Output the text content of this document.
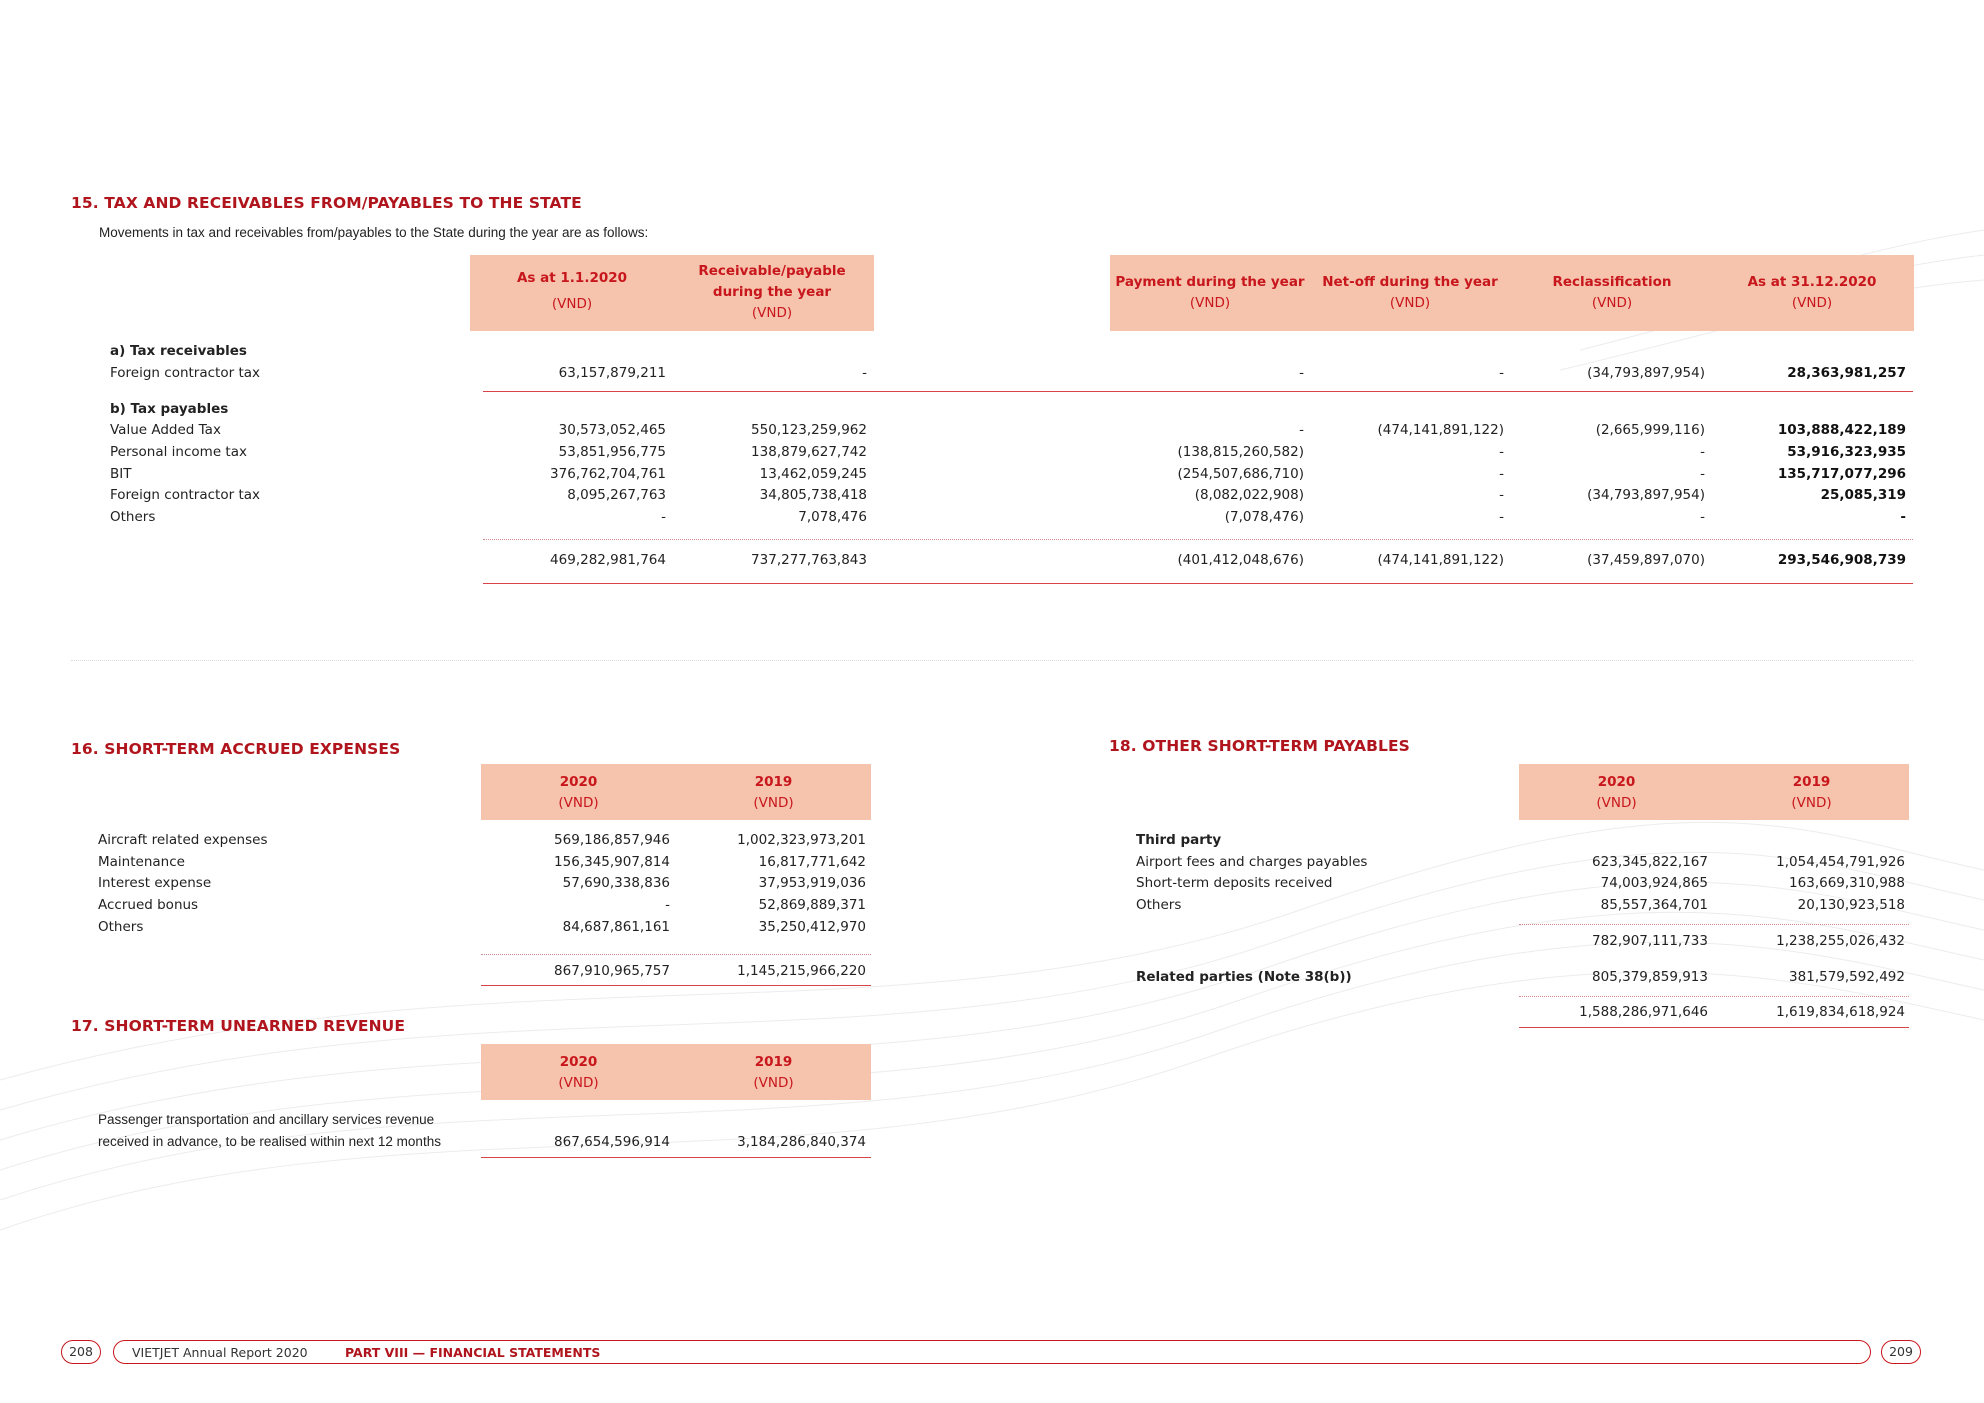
15. TAX AND RECEIVABLES FROM/PAYABLES TO THE STATE
Movements in tax and receivables from/payables to the State during the year are as follows:
As at 1.1.2020
(VND)
Receivable/payable during the year
(VND)
Payment during the year
(VND)
Net-off during the year
(VND)
Reclassification
(VND)
As at 31.12.2020
(VND)
a) Tax receivables
Foreign contractor tax	63,157,879,211	-	-	-	(34,793,897,954)	28,363,981,257
b) Tax payables
Value Added Tax	30,573,052,465	550,123,259,962	-	(474,141,891,122)	(2,665,999,116)	103,888,422,189
Personal income tax	53,851,956,775	138,879,627,742	(138,815,260,582)	-	-	53,916,323,935
BIT	376,762,704,761	13,462,059,245	(254,507,686,710)	-	-	135,717,077,296
Foreign contractor tax	8,095,267,763	34,805,738,418	(8,082,022,908)	-	(34,793,897,954)	25,085,319
Others	-	7,078,476	(7,078,476)	-	-	-
469,282,981,764	737,277,763,843	(401,412,048,676)	(474,141,891,122)	(37,459,897,070)	293,546,908,739
16. SHORT-TERM ACCRUED EXPENSES
2020
(VND)
2019
(VND)
Aircraft related expenses	569,186,857,946	1,002,323,973,201
Maintenance	156,345,907,814	16,817,771,642
Interest expense	57,690,338,836	37,953,919,036
Accrued bonus	-	52,869,889,371
Others	84,687,861,161	35,250,412,970
867,910,965,757	1,145,215,966,220
17. SHORT-TERM UNEARNED REVENUE
2020
(VND)
2019
(VND)
Passenger transportation and ancillary services revenue
received in advance, to be realised within next 12 months	867,654,596,914	3,184,286,840,374
18. OTHER SHORT-TERM PAYABLES
2020
(VND)
2019
(VND)
Third party
Airport fees and charges payables	623,345,822,167	1,054,454,791,926
Short-term deposits received	74,003,924,865	163,669,310,988
Others	85,557,364,701	20,130,923,518
782,907,111,733	1,238,255,026,432
Related parties (Note 38(b))	805,379,859,913	381,579,592,492
1,588,286,971,646	1,619,834,618,924
208	VIETJET Annual Report 2020	PART VIII — FINANCIAL STATEMENTS	209
